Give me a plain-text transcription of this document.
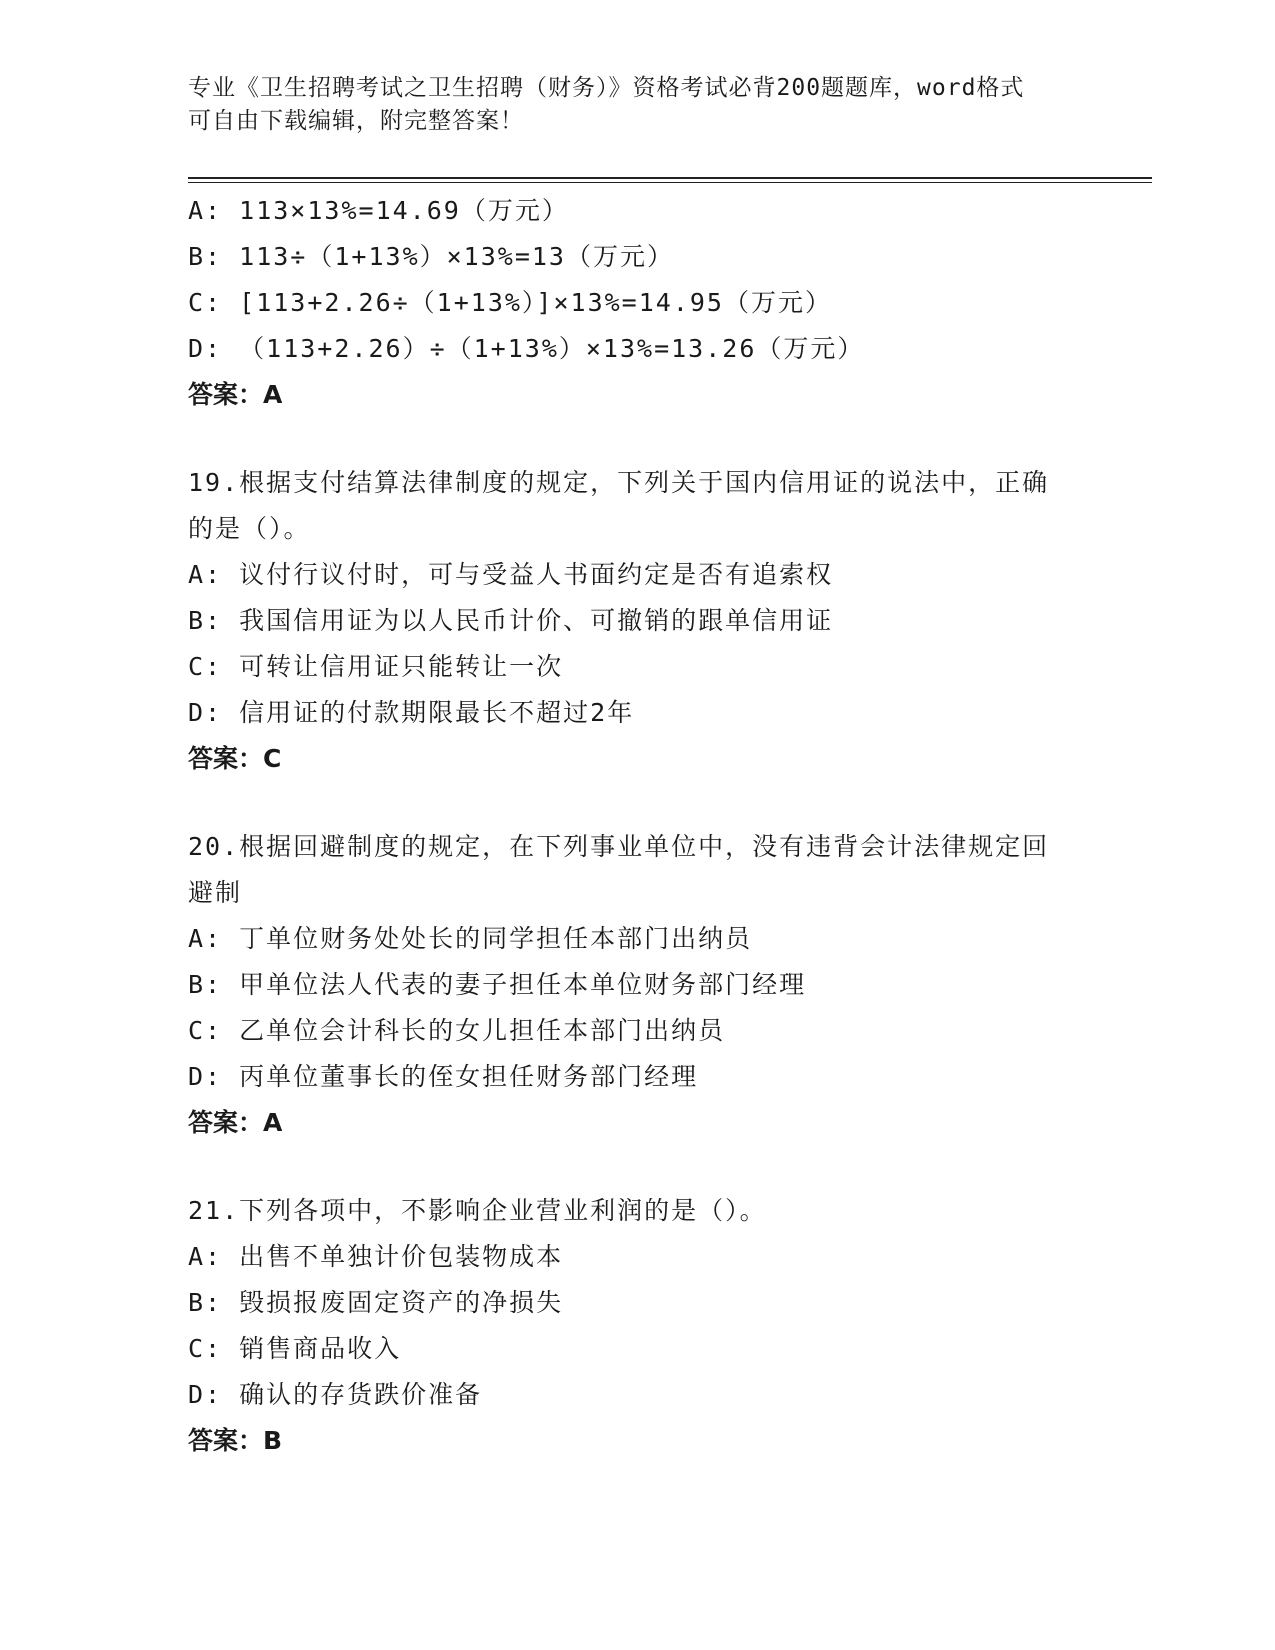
专业《卫生招聘考试之卫生招聘（财务）》资格考试必背200题题库，word格式
可自由下载编辑，附完整答案！
A: 113×13%=14.69（万元）
B: 113÷（1+13%）×13%=13（万元）
C: [113+2.26÷（1+13%）]×13%=14.95（万元）
D: （113+2.26）÷（1+13%）×13%=13.26（万元）
答案：A
19.根据支付结算法律制度的规定，下列关于国内信用证的说法中，正确的是（）。
A: 议付行议付时，可与受益人书面约定是否有追索权
B: 我国信用证为以人民币计价、可撤销的跟单信用证
C: 可转让信用证只能转让一次
D: 信用证的付款期限最长不超过2年
答案：C
20.根据回避制度的规定，在下列事业单位中，没有违背会计法律规定回避制
A: 丁单位财务处处长的同学担任本部门出纳员
B: 甲单位法人代表的妻子担任本单位财务部门经理
C: 乙单位会计科长的女儿担任本部门出纳员
D: 丙单位董事长的侄女担任财务部门经理
答案：A
21.下列各项中，不影响企业营业利润的是（）。
A: 出售不单独计价包装物成本
B: 毁损报废固定资产的净损失
C: 销售商品收入
D: 确认的存货跌价准备
答案：B
